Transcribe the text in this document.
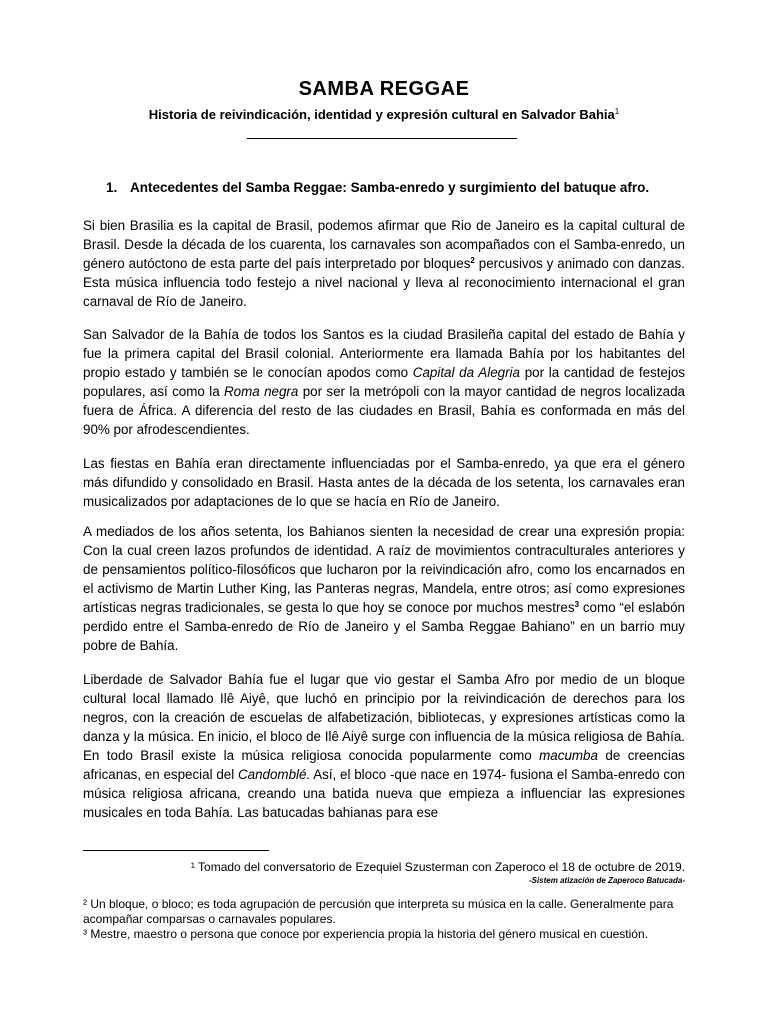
SAMBA REGGAE
Historia de reivindicación, identidad y expresión cultural en Salvador Bahia$^1$
1. Antecedentes del Samba Reggae: Samba-enredo y surgimiento del batuque afro.
Si bien Brasilia es la capital de Brasil, podemos afirmar que Rio de Janeiro es la capital cultural de Brasil. Desde la década de los cuarenta, los carnavales son acompañados con el Samba-enredo, un género autóctono de esta parte del país interpretado por bloques$^2$ percusivos y animado con danzas. Esta música influencia todo festejo a nivel nacional y lleva al reconocimiento internacional el gran carnaval de Río de Janeiro.
San Salvador de la Bahía de todos los Santos es la ciudad Brasileña capital del estado de Bahía y fue la primera capital del Brasil colonial. Anteriormente era llamada Bahía por los habitantes del propio estado y también se le conocían apodos como Capital da Alegria por la cantidad de festejos populares, así como la Roma negra por ser la metrópoli con la mayor cantidad de negros localizada fuera de África. A diferencia del resto de las ciudades en Brasil, Bahía es conformada en más del 90% por afrodescendientes.
Las fiestas en Bahía eran directamente influenciadas por el Samba-enredo, ya que era el género más difundido y consolidado en Brasil. Hasta antes de la década de los setenta, los carnavales eran musicalizados por adaptaciones de lo que se hacía en Río de Janeiro.
A mediados de los años setenta, los Bahianos sienten la necesidad de crear una expresión propia: Con la cual creen lazos profundos de identidad. A raíz de movimientos contraculturales anteriores y de pensamientos político-filosóficos que lucharon por la reivindicación afro, como los encarnados en el activismo de Martin Luther King, las Panteras negras, Mandela, entre otros; así como expresiones artísticas negras tradicionales, se gesta lo que hoy se conoce por muchos mestres$^3$ como “el eslabón perdido entre el Samba-enredo de Río de Janeiro y el Samba Reggae Bahiano” en un barrio muy pobre de Bahía.
Liberdade de Salvador Bahía fue el lugar que vio gestar el Samba Afro por medio de un bloque cultural local llamado Ilê Aiyê, que luchó en principio por la reivindicación de derechos para los negros, con la creación de escuelas de alfabetización, bibliotecas, y expresiones artísticas como la danza y la música. En inicio, el bloco de Ilê Aiyê surge con influencia de la música religiosa de Bahía. En todo Brasil existe la música religiosa conocida popularmente como macumba de creencias africanas, en especial del Candomblé. Así, el bloco -que nace en 1974- fusiona el Samba-enredo con música religiosa africana, creando una batida nueva que empieza a influenciar las expresiones musicales en toda Bahía. Las batucadas bahianas para ese
¹ Tomado del conversatorio de Ezequiel Szusterman con Zaperoco el 18 de octubre de 2019.
-Sistem atización de Zaperoco Batucada-
² Un bloque, o bloco; es toda agrupación de percusión que interpreta su música en la calle. Generalmente para acompañar comparsas o carnavales populares.
³ Mestre, maestro o persona que conoce por experiencia propia la historia del género musical en cuestión.
